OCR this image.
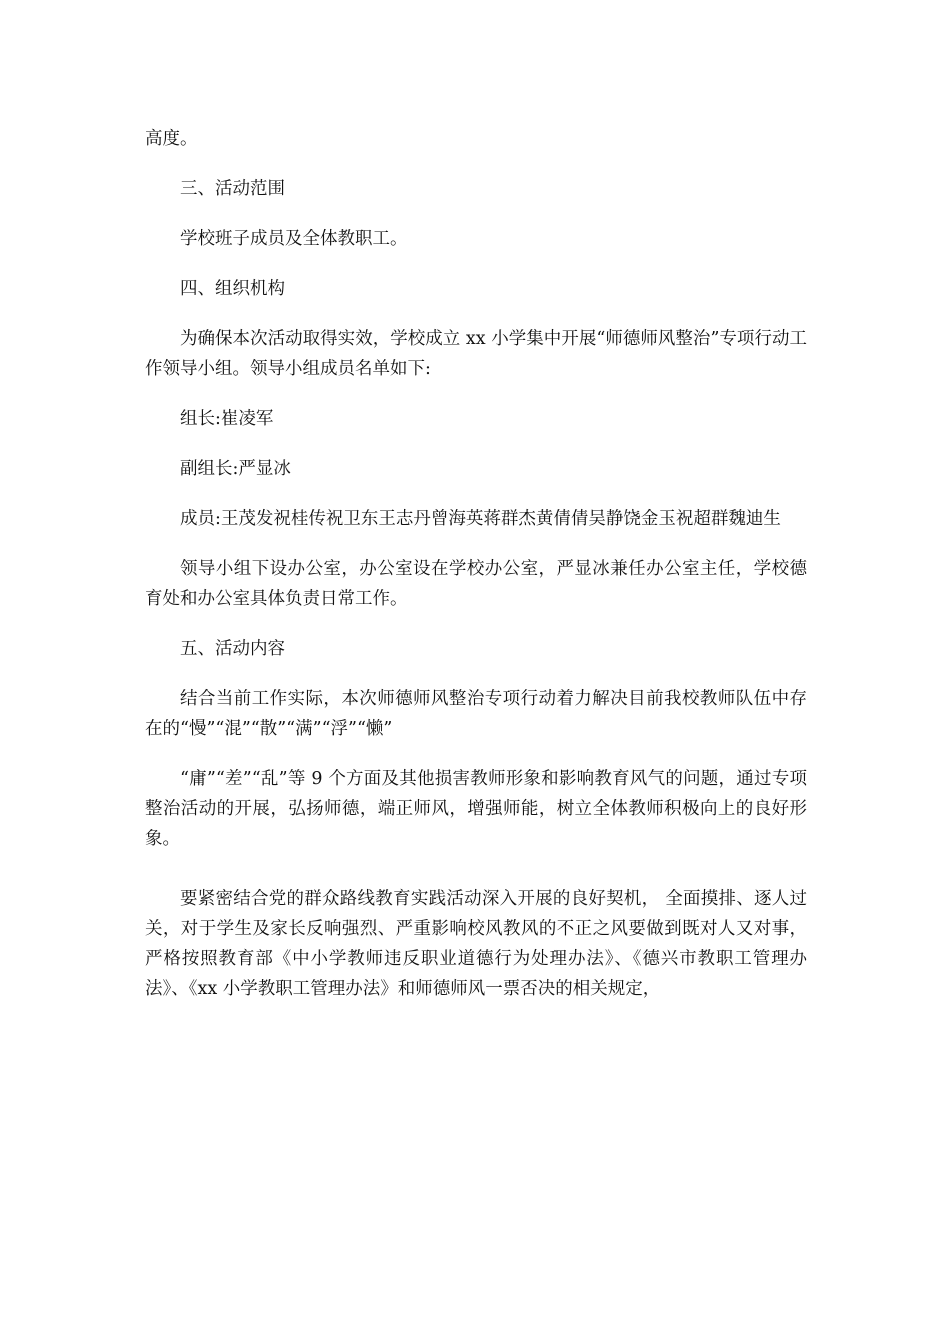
高度。

三、活动范围

学校班子成员及全体教职工。

四、组织机构

为确保本次活动取得实效，学校成立 xx 小学集中开展“师德师风整治”专项行动工作领导小组。领导小组成员名单如下:

组长:崔凌军

副组长:严显冰

成员:王茂发祝桂传祝卫东王志丹曾海英蒋群杰黄倩倩吴静饶金玉祝超群魏迪生

领导小组下设办公室，办公室设在学校办公室，严显冰兼任办公室主任，学校德育处和办公室具体负责日常工作。

五、活动内容

结合当前工作实际，本次师德师风整治专项行动着力解决目前我校教师队伍中存在的“慢”“混”“散”“满”“浮”“懒”

“庸”“差”“乱”等 9 个方面及其他损害教师形象和影响教育风气的问题，通过专项整治活动的开展，弘扬师德，端正师风，增强师能，树立全体教师积极向上的良好形象。

要紧密结合党的群众路线教育实践活动深入开展的良好契机， 全面摸排、逐人过关，对于学生及家长反响强烈、严重影响校风教风的不正之风要做到既对人又对事，严格按照教育部《中小学教师违反职业道德行为处理办法》、《德兴市教职工管理办法》、《xx 小学教职工管理办法》和师德师风一票否决的相关规定，
